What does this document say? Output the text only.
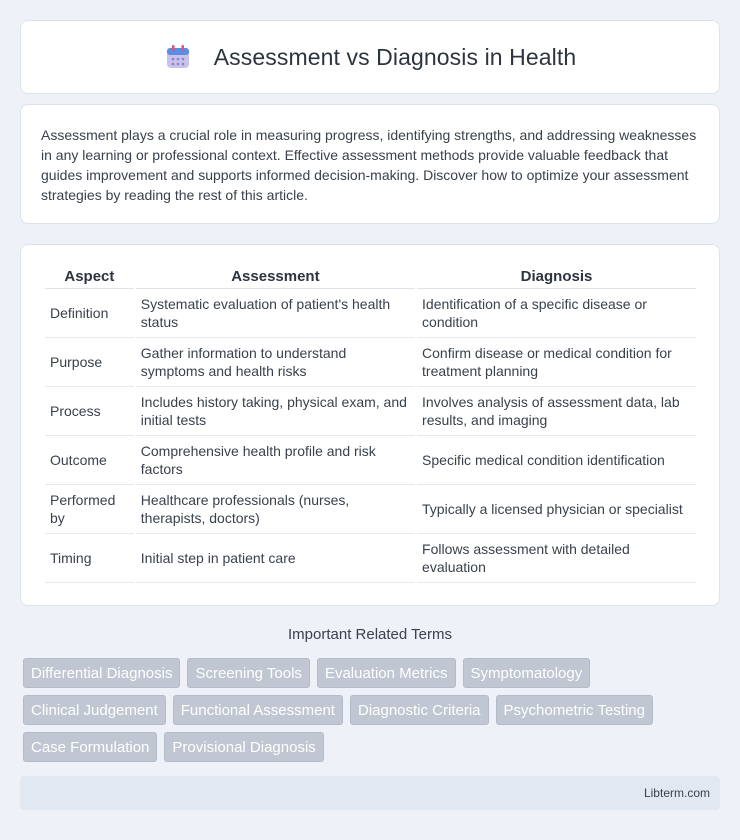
Assessment vs Diagnosis in Health

Assessment plays a crucial role in measuring progress, identifying strengths, and addressing weaknesses in any learning or professional context. Effective assessment methods provide valuable feedback that guides improvement and supports informed decision-making. Discover how to optimize your assessment strategies by reading the rest of this article.

Aspect	Assessment	Diagnosis
Definition	Systematic evaluation of patient's health status	Identification of a specific disease or condition
Purpose	Gather information to understand symptoms and health risks	Confirm disease or medical condition for treatment planning
Process	Includes history taking, physical exam, and initial tests	Involves analysis of assessment data, lab results, and imaging
Outcome	Comprehensive health profile and risk factors	Specific medical condition identification
Performed by	Healthcare professionals (nurses, therapists, doctors)	Typically a licensed physician or specialist
Timing	Initial step in patient care	Follows assessment with detailed evaluation
Important Related Terms
Differential Diagnosis	Screening Tools	Evaluation Metrics	Symptomatology
Clinical Judgement	Functional Assessment	Diagnostic Criteria	Psychometric Testing
Case Formulation	Provisional Diagnosis
Libterm.com
